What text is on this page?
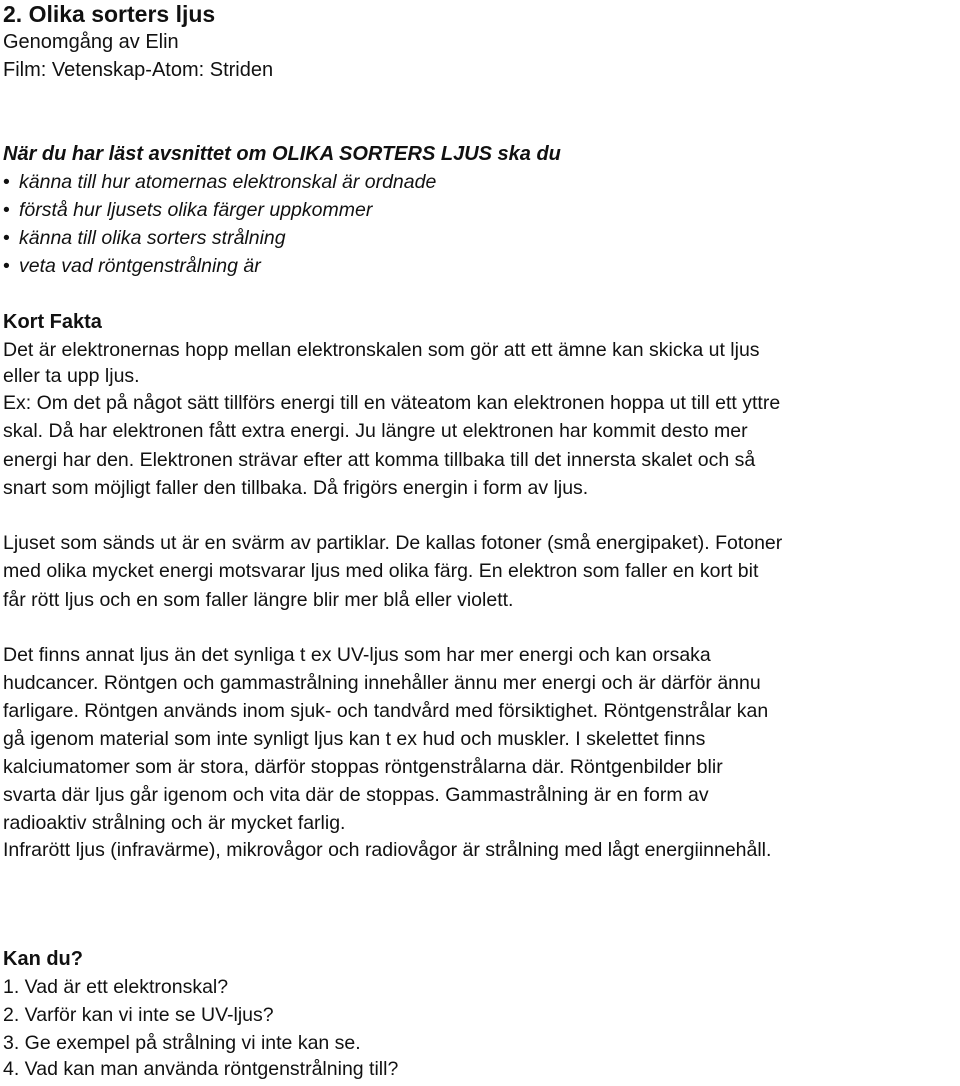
2. Olika sorters ljus
Genomgång av Elin
Film: Vetenskap-Atom: Striden
När du har läst avsnittet om OLIKA SORTERS LJUS ska du
• känna till hur atomernas elektronskal är ordnade
• förstå hur ljusets olika färger uppkommer
• känna till olika sorters strålning
• veta vad röntgenstrålning är
Kort Fakta
Det är elektronernas hopp mellan elektronskalen som gör att ett ämne kan skicka ut ljus
eller ta upp ljus.
Ex: Om det på något sätt tillförs energi till en väteatom kan elektronen hoppa ut till ett yttre
skal. Då har elektronen fått extra energi. Ju längre ut elektronen har kommit desto mer
energi har den. Elektronen strävar efter att komma tillbaka till det innersta skalet och så
snart som möjligt faller den tillbaka. Då frigörs energin i form av ljus.
Ljuset som sänds ut är en svärm av partiklar. De kallas fotoner (små energipaket). Fotoner
med olika mycket energi motsvarar ljus med olika färg. En elektron som faller en kort bit
får rött ljus och en som faller längre blir mer blå eller violett.
Det finns annat ljus än det synliga t ex UV-ljus som har mer energi och kan orsaka
hudcancer. Röntgen och gammastrålning innehåller ännu mer energi och är därför ännu
farligare. Röntgen används inom sjuk- och tandvård med försiktighet. Röntgenstrålar kan
gå igenom material som inte synligt ljus kan t ex hud och muskler. I skelettet finns
kalciumatomer som är stora, därför stoppas röntgenstrålarna där. Röntgenbilder blir
svarta där ljus går igenom och vita där de stoppas. Gammastrålning är en form av
radioaktiv strålning och är mycket farlig.
Infrarött ljus (infravärme), mikrovågor och radiovågor är strålning med lågt energiinnehåll.
Kan du?
1. Vad är ett elektronskal?
2. Varför kan vi inte se UV-ljus?
3. Ge exempel på strålning vi inte kan se.
4. Vad kan man använda röntgenstrålning till?
